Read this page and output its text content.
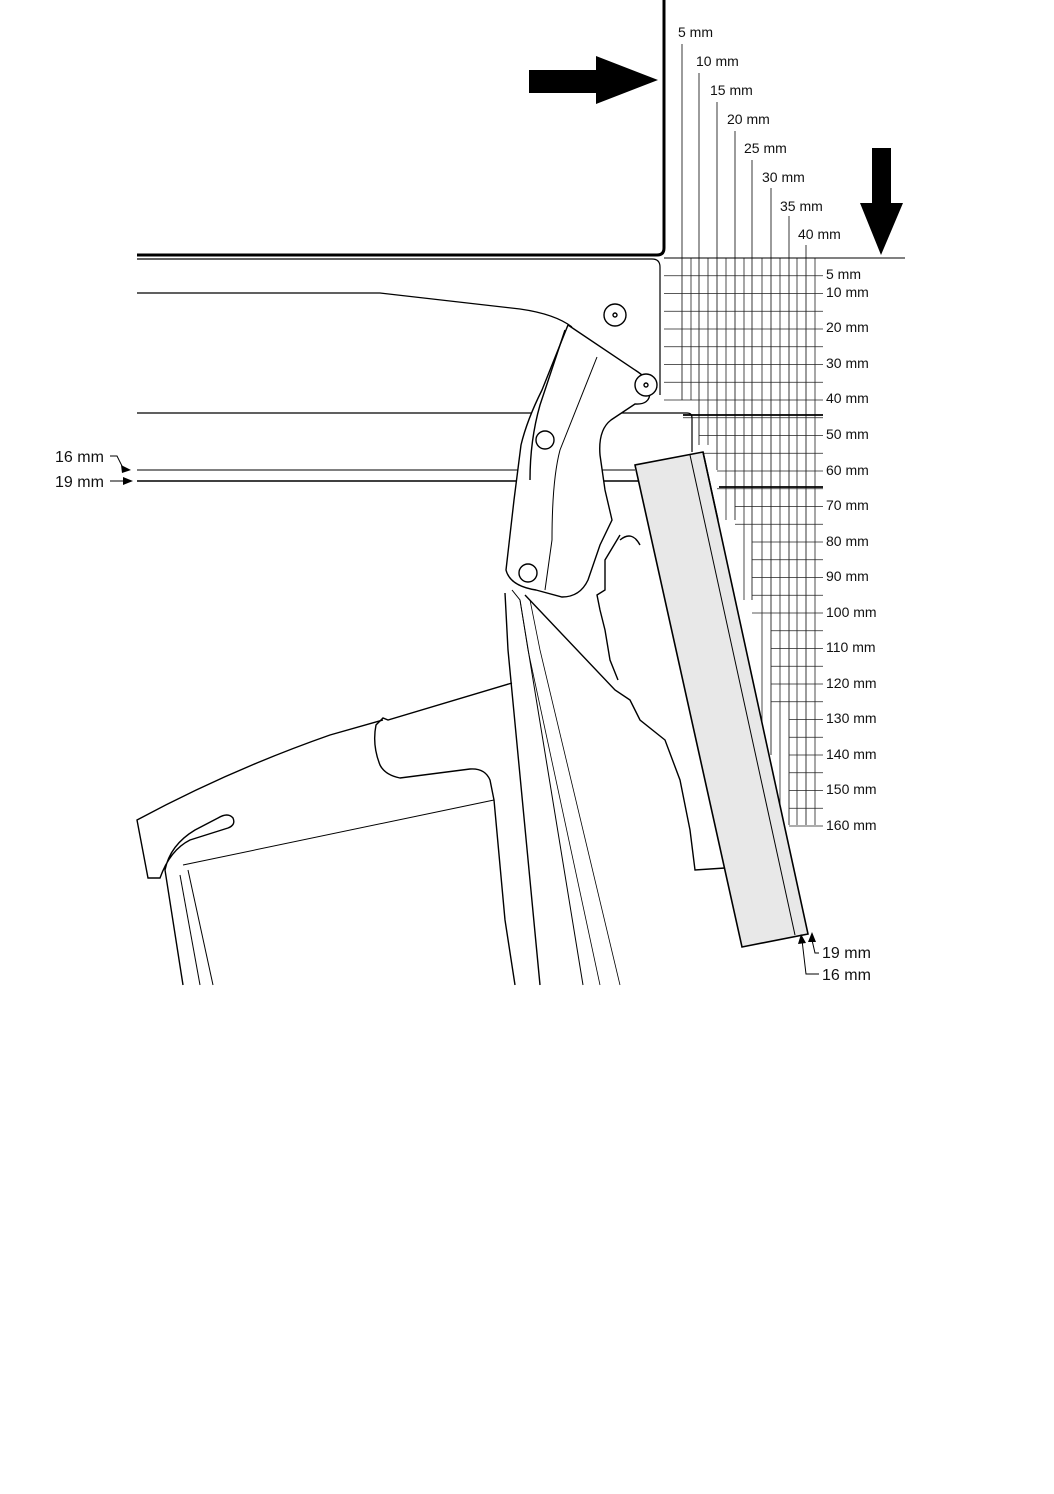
5 mm
10 mm
15 mm
20 mm
25 mm
30 mm
35 mm
40 mm
5 mm
10 mm
20 mm
30 mm
40 mm
50 mm
60 mm
70 mm
80 mm
90 mm
100 mm
110 mm
120 mm
130 mm
140 mm
150 mm
160 mm
16 mm
19 mm
19 mm
16 mm
